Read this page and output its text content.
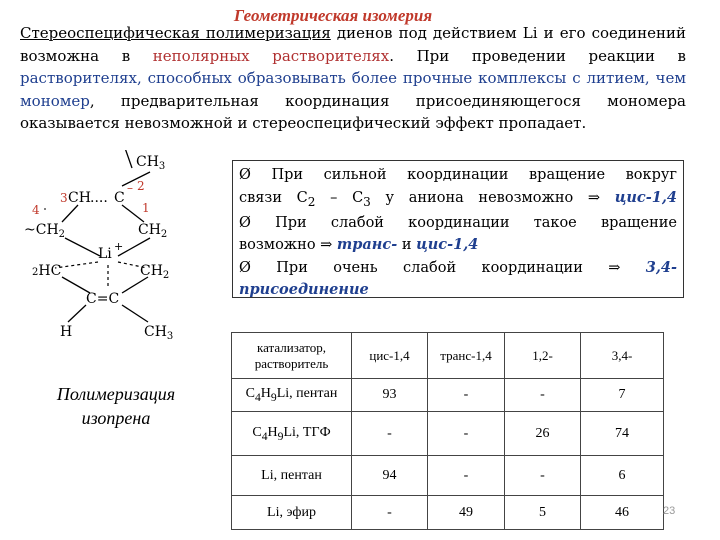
Геометрическая изомерия
Стереоспецифическая полимеризация диенов под действием Li и его соединений возможна в неполярных растворителях. При проведении реакции в растворителях, способных образовывать более прочные комплексы с литием, чем мономер, предварительная координация присоединяющегося мономера оказывается невозможной и стереоспецифический эффект пропадает.
$CH_3$
3
– 2
4	1
CH .... C
$\sim CH_2$	$CH_2$
Li +
2HC	$CH_2$
C=C
H	$CH_3$
Полимеризация изопрена
Ø При сильной координации вращение вокруг
связи $С_2 - С_3$ у аниона невозможно ⇒ цис-1,4
Ø При слабой координации такое вращение
возможно ⇒ транс- и цис-1,4
Ø При очень слабой координации ⇒ 3,4-
присоединение
катализатор, растворитель	цис-1,4	транс-1,4	1,2-	3,4-
$C_4H_9Li$, пентан	93	-	-	7
$C_4H_9Li$, ТГФ	-	-	26	74
Li, пентан	94	-	-	6
Li, эфир	-	49	5	46	23
